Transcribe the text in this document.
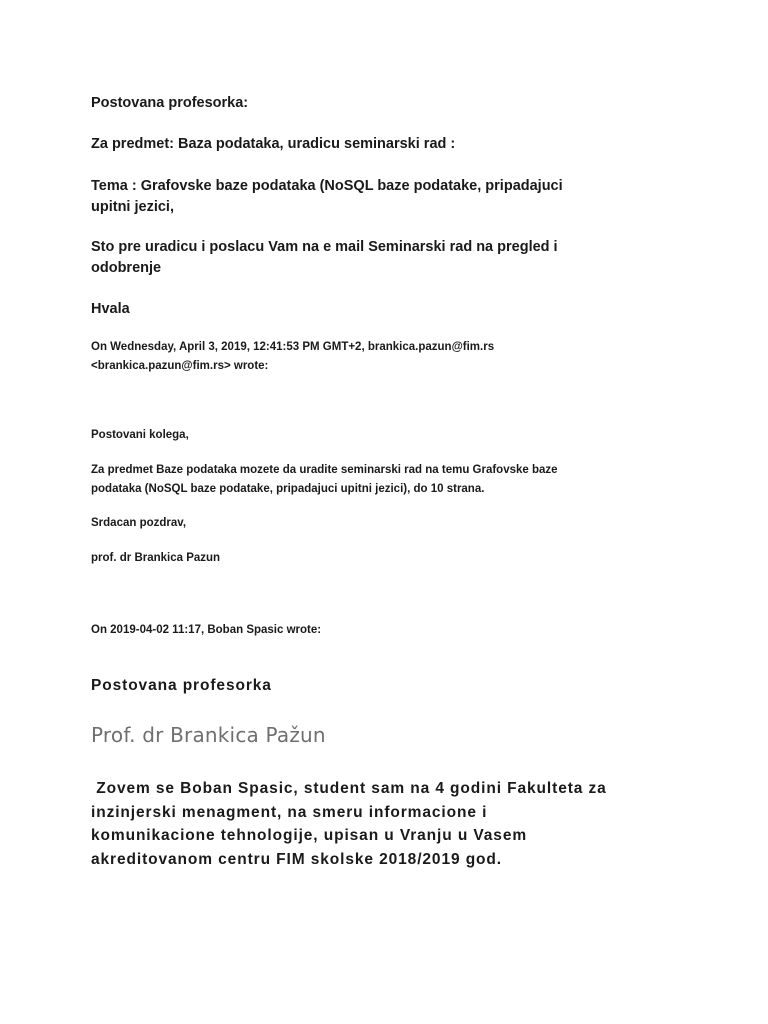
Postovana profesorka:

Za predmet: Baza podataka, uradicu seminarski rad :

Tema : Grafovske baze podataka (NoSQL baze podatake, pripadajuci

upitni jezici,

Sto pre uradicu i poslacu Vam na e mail Seminarski rad na pregled i

odobrenje

Hvala

On Wednesday, April 3, 2019, 12:41:53 PM GMT+2, brankica.pazun@fim.rs

<brankica.pazun@fim.rs> wrote:

Postovani kolega,

Za predmet Baze podataka mozete da uradite seminarski rad na temu Grafovske baze

podataka (NoSQL baze podatake, pripadajuci upitni jezici), do 10 strana.

Srdacan pozdrav,

prof. dr Brankica Pazun

On 2019-04-02 11:17, Boban Spasic wrote:

Postovana profesorka

Prof. dr Brankica Pažun

Zovem se Boban Spasic, student sam na 4 godini Fakulteta za

inzinjerski menagment, na smeru informacione i

komunikacione tehnologije, upisan u Vranju u Vasem

akreditovanom centru FIM skolske 2018/2019 god.
